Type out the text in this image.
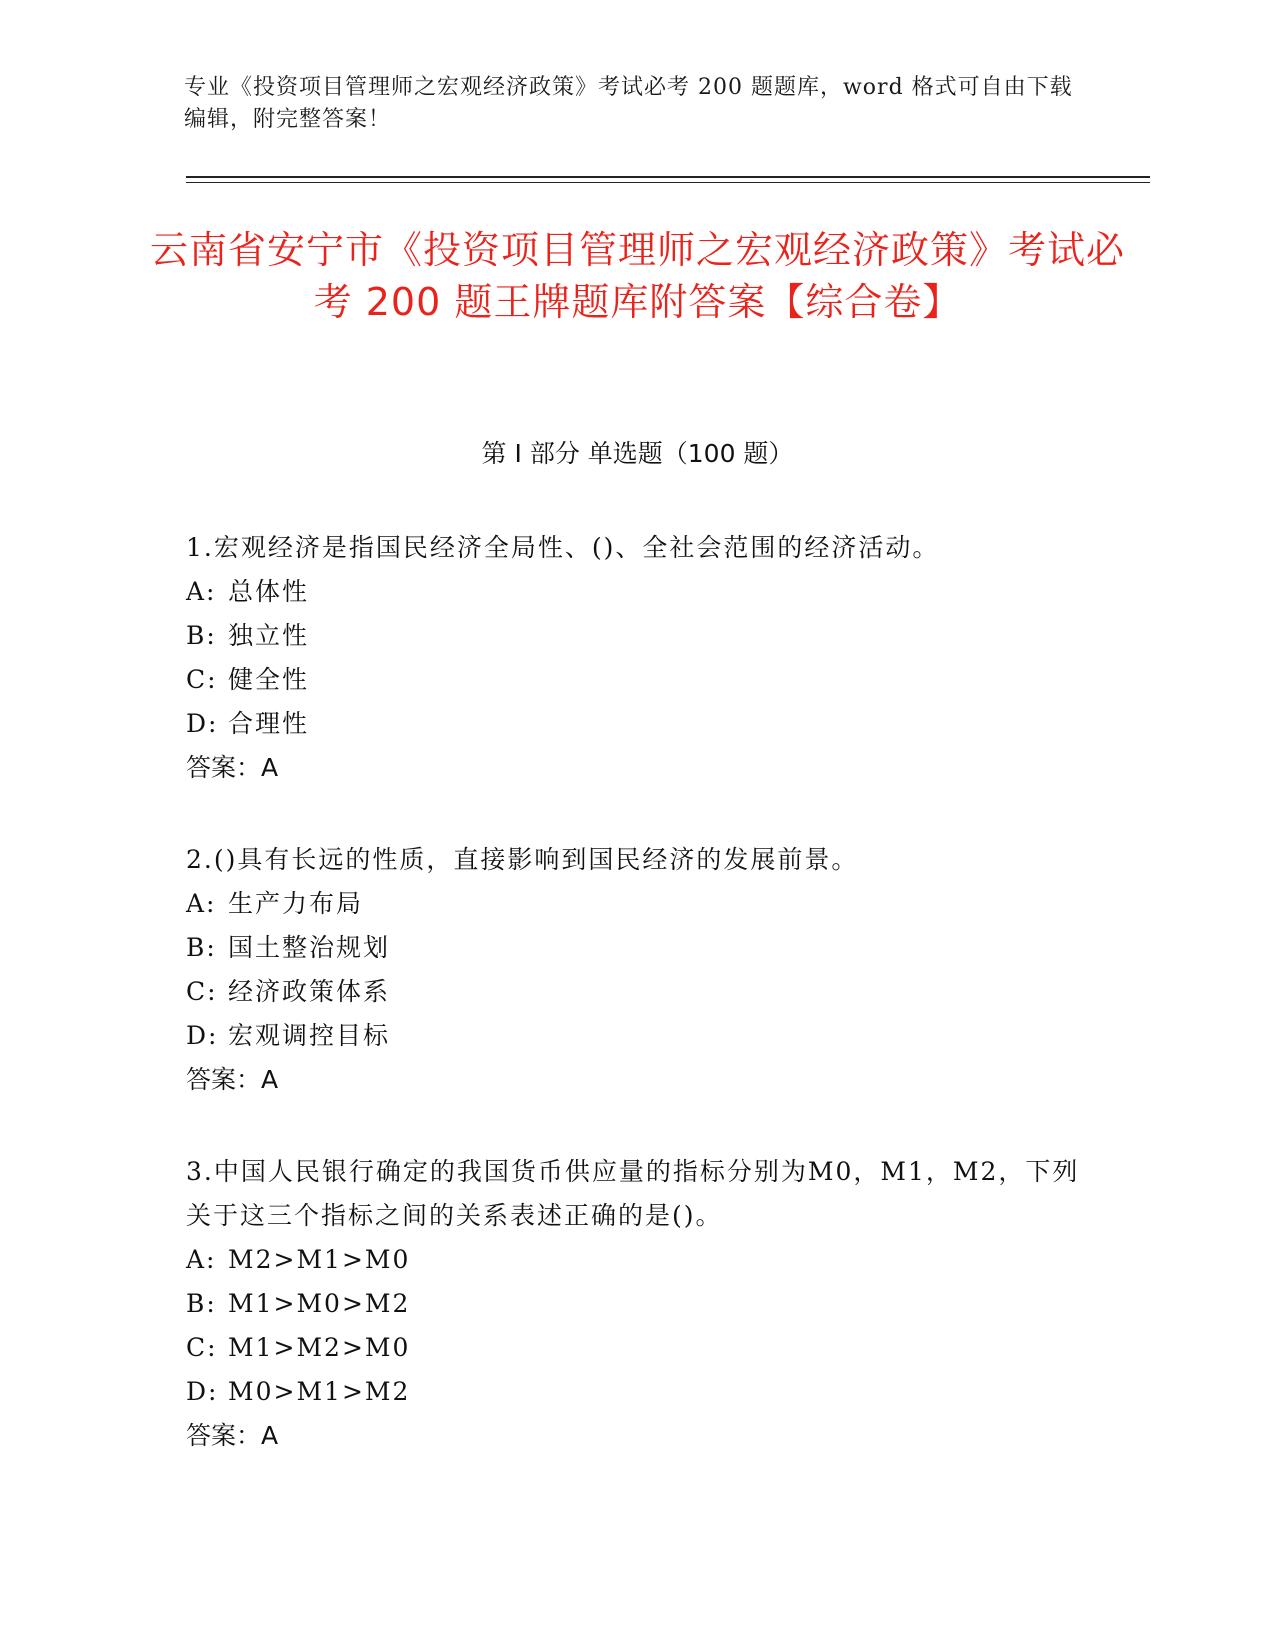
专业《投资项目管理师之宏观经济政策》考试必考 200 题题库，word 格式可自由下载编辑，附完整答案！
云南省安宁市《投资项目管理师之宏观经济政策》考试必考 200 题王牌题库附答案【综合卷】
第 I 部分 单选题（100 题）
1.宏观经济是指国民经济全局性、()、全社会范围的经济活动。
A: 总体性
B: 独立性
C: 健全性
D: 合理性
答案：A
2.()具有长远的性质，直接影响到国民经济的发展前景。
A: 生产力布局
B: 国土整治规划
C: 经济政策体系
D: 宏观调控目标
答案：A
3.中国人民银行确定的我国货币供应量的指标分别为M0，M1，M2，下列关于这三个指标之间的关系表述正确的是()。
A: M2>M1>M0
B: M1>M0>M2
C: M1>M2>M0
D: M0>M1>M2
答案：A
